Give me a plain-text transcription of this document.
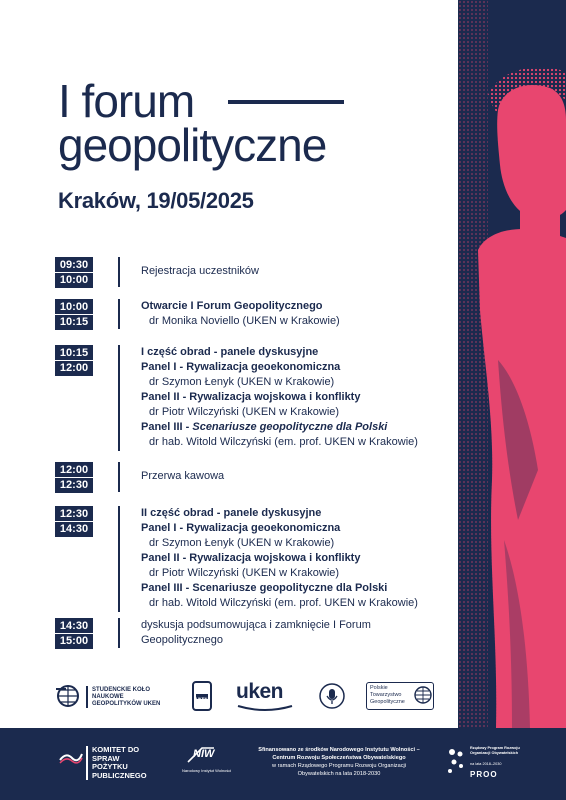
I forum
geopolityczne
Kraków, 19/05/2025
09:30
10:00
Rejestracja uczestników
10:00
10:15
Otwarcie I Forum Geopolitycznego
dr Monika Noviello (UKEN w Krakowie)
10:15
12:00
I część obrad - panele dyskusyjne
Panel I - Rywalizacja geoekonomiczna
dr Szymon Łenyk (UKEN w Krakowie)
Panel II - Rywalizacja wojskowa i konflikty
dr Piotr Wilczyński (UKEN w Krakowie)
Panel III - Scenariusze geopolityczne dla Polski
dr hab. Witold Wilczyński (em. prof. UKEN w Krakowie)
12:00
12:30
Przerwa kawowa
12:30
14:30
II część obrad - panele dyskusyjne
Panel I - Rywalizacja geoekonomiczna
dr Szymon Łenyk (UKEN w Krakowie)
Panel II - Rywalizacja wojskowa i konflikty
dr Piotr Wilczyński (UKEN w Krakowie)
Panel III - Scenariusze geopolityczne dla Polski
dr hab. Witold Wilczyński (em. prof. UKEN w Krakowie)
14:30
15:00
dyskusja podsumowująca i zamknięcie I Forum
Geopolitycznego
STUDENCKIE KOŁO NAUKOWE GEOPOLITYKÓW UKEN
UKEN uken	Polskie Towarzystwo Geopolityczne
KOMITET DO SPRAW POŻYTKU PUBLICZNEGO
NIW
Narodowy Instytut Wolności
Sfinansowano ze środków Narodowego Instytutu Wolności –
Centrum Rozwoju Społeczeństwa Obywatelskiego
w ramach Rządowego Programu Rozwoju Organizacji
Obywatelskich na lata 2018-2030
Rządowy Program Rozwoju Organizacji Obywatelskich
na lata 2018–2030
PROO
